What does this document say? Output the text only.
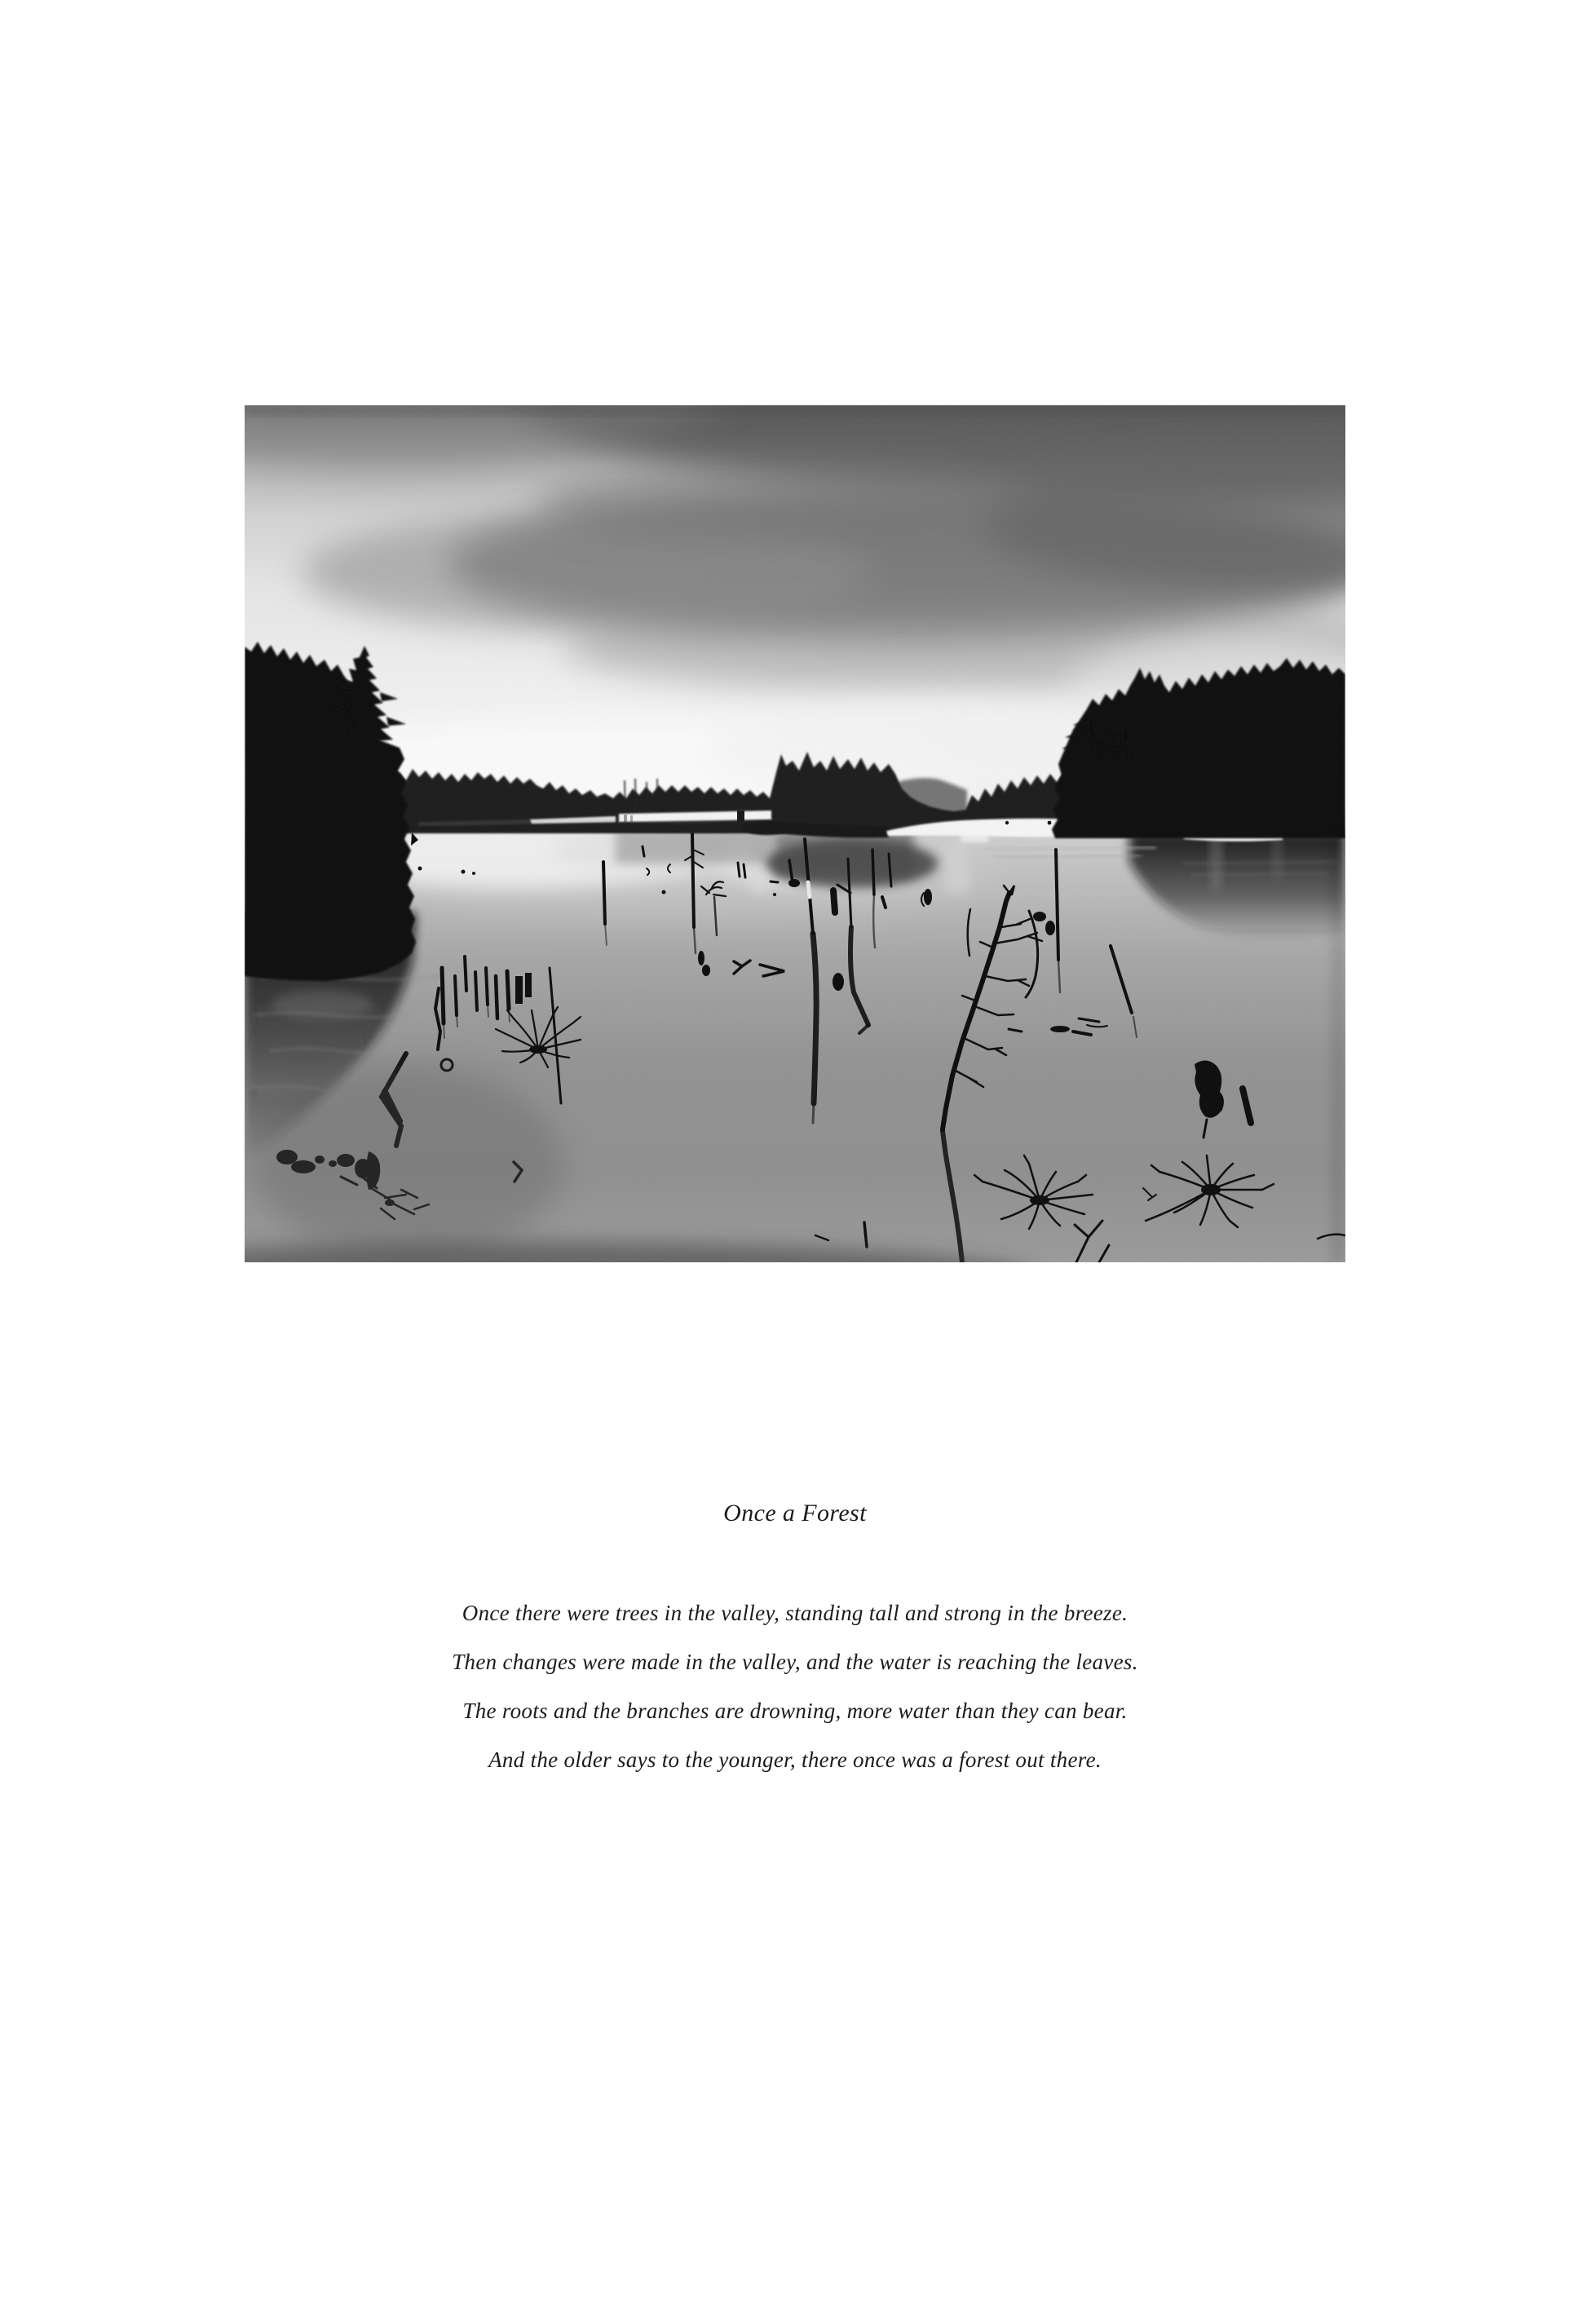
Once a Forest

Once there were trees in the valley, standing tall and strong in the breeze.

Then changes were made in the valley, and the water is reaching the leaves.

The roots and the branches are drowning, more water than they can bear.

And the older says to the younger, there once was a forest out there.
